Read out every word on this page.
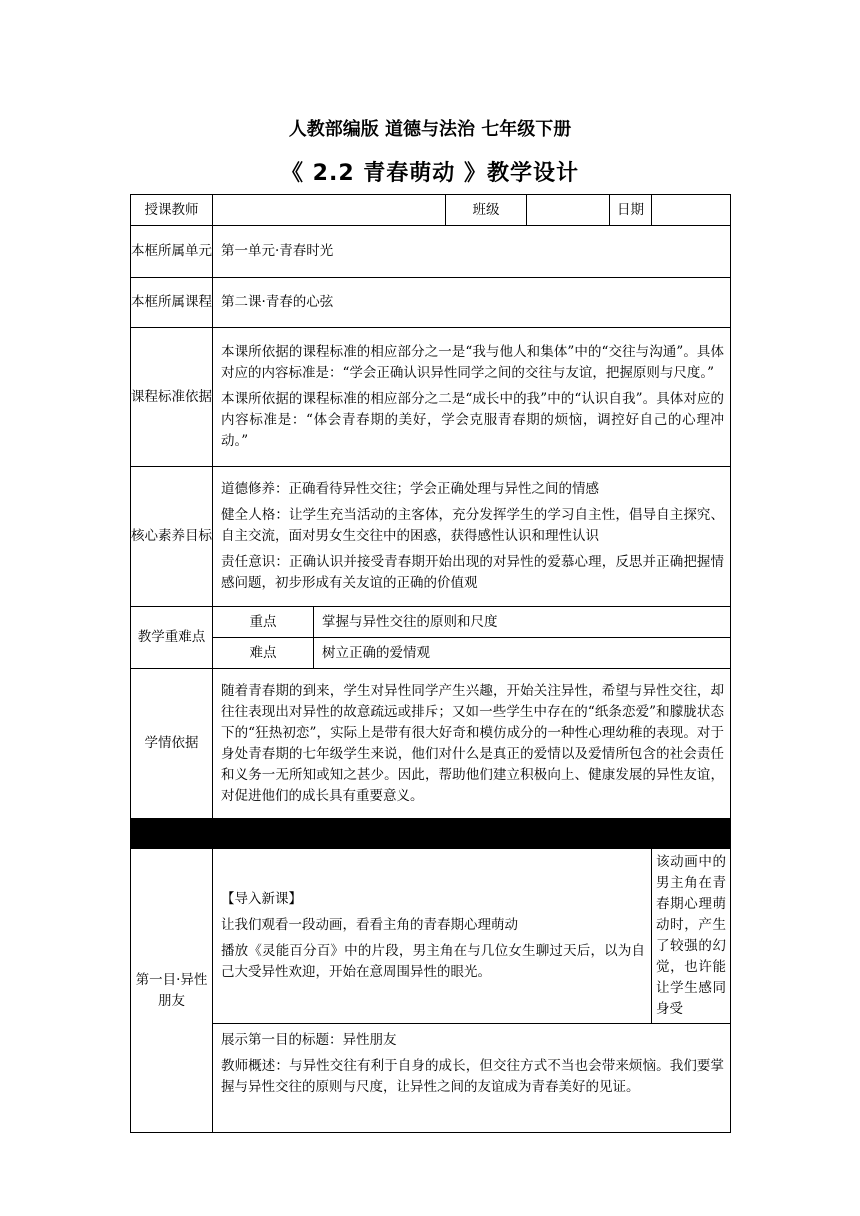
人教部编版 道德与法治 七年级下册
《 2.2 青春萌动 》教学设计
授课教师			班级		日期	
本框所属单元	第一单元·青春时光					
本框所属课程	第二课·青春的心弦					
课程标准依据	本课所依据的课程标准的相应部分之一是“我与他人和集体”中的“交往与沟通”。具体对应的内容标准是：“学会正确认识异性同学之间的交往与友谊，把握原则与尺度。”

本课所依据的课程标准的相应部分之二是“成长中的我”中的“认识自我”。具体对应的内容标准是：“体会青春期的美好，学会克服青春期的烦恼，调控好自己的心理冲动。”					

核心素养目标	道德修养：正确看待异性交往；学会正确处理与异性之间的情感

健全人格：让学生充当活动的主客体，充分发挥学生的学习自主性，倡导自主探究、自主交流，面对男女生交往中的困惑，获得感性认识和理性认识

责任意识：正确认识并接受青春期开始出现的对异性的爱慕心理，反思并正确把握情感问题，初步形成有关友谊的正确的价值观					

教学重难点	重点	掌握与异性交往的原则和尺度				
	难点	树立正确的爱情观				
学情依据	随着青春期的到来，学生对异性同学产生兴趣，开始关注异性，希望与异性交往，却往往表现出对异性的故意疏远或排斥；又如一些学生中存在的“纸条恋爱”和朦胧状态下的“狂热初恋”，实际上是带有很大好奇和模仿成分的一种性心理幼稚的表现。对于身处青春期的七年级学生来说，他们对什么是真正的爱情以及爱情所包含的社会责任和义务一无所知或知之甚少。因此，帮助他们建立积极向上、健康发展的异性友谊，对促进他们的成长具有重要意义。					

第一目·异性朋友	【导入新课】

让我们观看一段动画，看看主角的青春期心理萌动

播放《灵能百分百》中的片段，男主角在与几位女生聊过天后，以为自己大受异性欢迎，开始在意周围异性的眼光。					该动画中的男主角在青春期心理萌动时，产生了较强的幻觉，也许能让学生感同身受

	展示第一目的标题：异性朋友

教师概述：与异性交往有利于自身的成长，但交往方式不当也会带来烦恼。我们要掌握与异性交往的原则与尺度，让异性之间的友谊成为青春美好的见证。					
